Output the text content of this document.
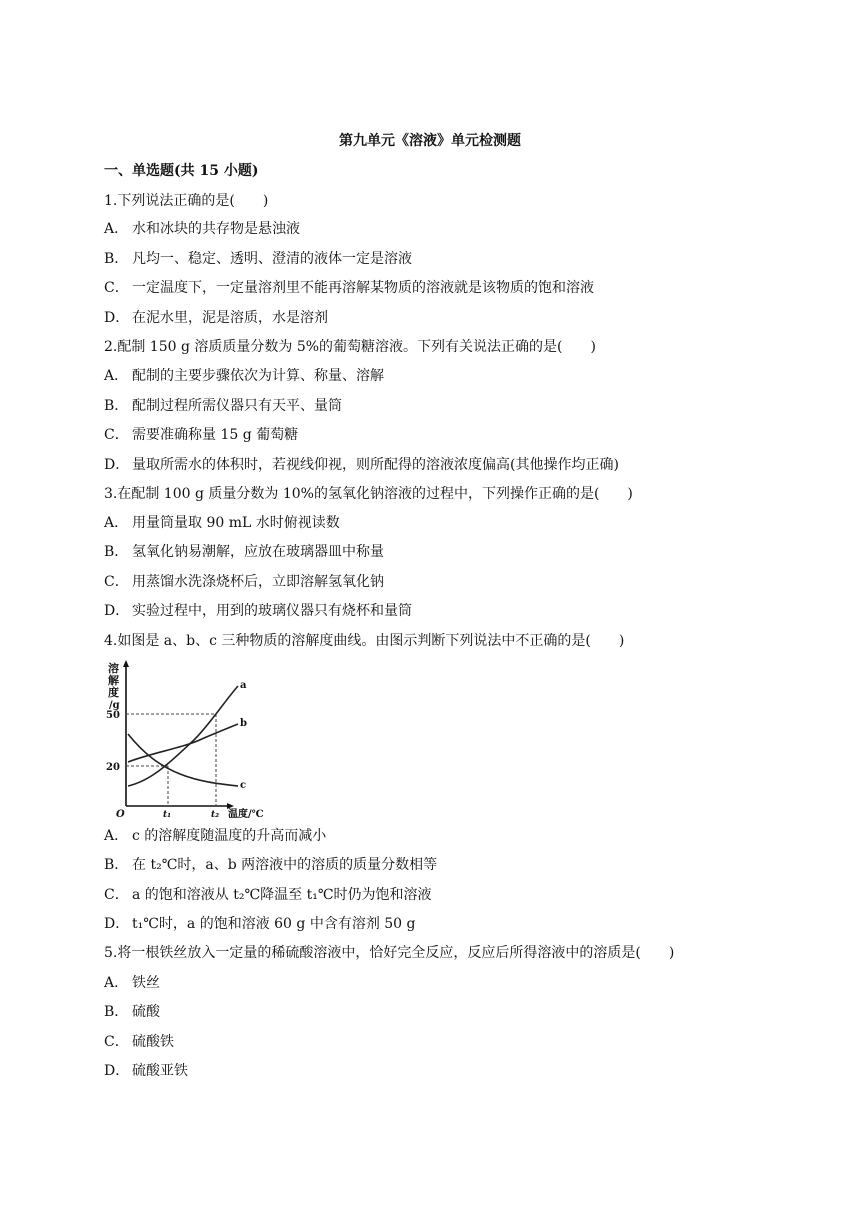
第九单元《溶液》单元检测题
一、单选题(共 15 小题)
1.下列说法正确的是(　　)
A． 水和冰块的共存物是悬浊液
B． 凡均一、稳定、透明、澄清的液体一定是溶液
C． 一定温度下，一定量溶剂里不能再溶解某物质的溶液就是该物质的饱和溶液
D． 在泥水里，泥是溶质，水是溶剂
2.配制 150 g 溶质质量分数为 5%的葡萄糖溶液。下列有关说法正确的是(　　)
A． 配制的主要步骤依次为计算、称量、溶解
B． 配制过程所需仪器只有天平、量筒
C． 需要准确称量 15 g 葡萄糖
D． 量取所需水的体积时，若视线仰视，则所配得的溶液浓度偏高(其他操作均正确)
3.在配制 100 g 质量分数为 10%的氢氧化钠溶液的过程中，下列操作正确的是(　　)
A． 用量筒量取 90 mL 水时俯视读数
B． 氢氧化钠易潮解，应放在玻璃器皿中称量
C． 用蒸馏水洗涤烧杯后，立即溶解氢氧化钠
D． 实验过程中，用到的玻璃仪器只有烧杯和量筒
4.如图是 a、b、c 三种物质的溶解度曲线。由图示判断下列说法中不正确的是(　　)
溶
解
度
/g
50
20
O	t₁	t₂ 温度/℃
a
b
c
A． c 的溶解度随温度的升高而减小
B． 在 t₂℃时，a、b 两溶液中的溶质的质量分数相等
C． a 的饱和溶液从 t₂℃降温至 t₁℃时仍为饱和溶液
D． t₁℃时，a 的饱和溶液 60 g 中含有溶剂 50 g
5.将一根铁丝放入一定量的稀硫酸溶液中，恰好完全反应，反应后所得溶液中的溶质是(　　)
A． 铁丝
B． 硫酸
C． 硫酸铁
D． 硫酸亚铁
